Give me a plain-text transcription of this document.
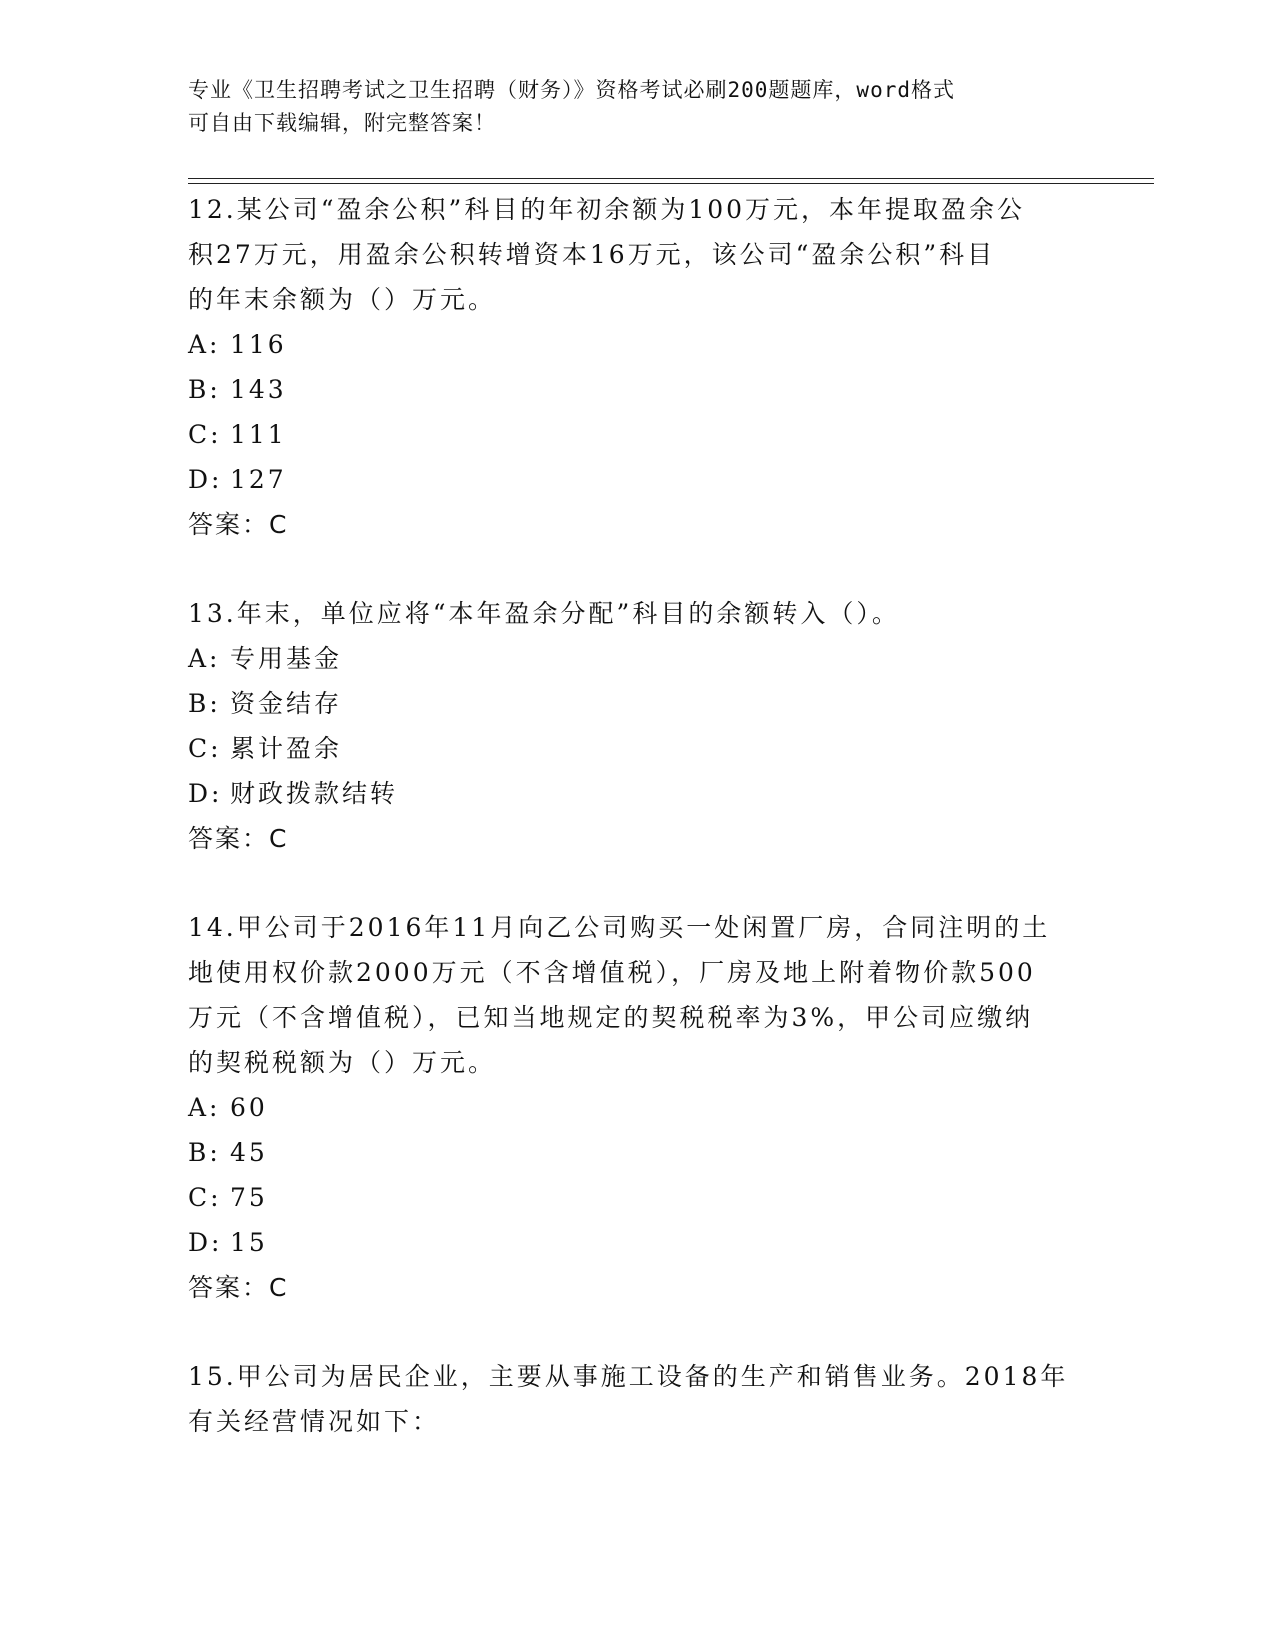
专业《卫生招聘考试之卫生招聘（财务）》资格考试必刷200题题库，word格式
可自由下载编辑，附完整答案！

12.某公司“盈余公积”科目的年初余额为100万元，本年提取盈余公
积27万元，用盈余公积转增资本16万元，该公司“盈余公积”科目
的年末余额为（）万元。

A: 116

B: 143

C: 111

D: 127

答案：C

13.年末，单位应将“本年盈余分配”科目的余额转入（）。

A: 专用基金

B: 资金结存

C: 累计盈余

D: 财政拨款结转

答案：C

14.甲公司于2016年11月向乙公司购买一处闲置厂房，合同注明的土
地使用权价款2000万元（不含增值税），厂房及地上附着物价款500
万元（不含增值税），已知当地规定的契税税率为3%，甲公司应缴纳
的契税税额为（）万元。

A: 60

B: 45

C: 75

D: 15

答案：C

15.甲公司为居民企业，主要从事施工设备的生产和销售业务。2018年
有关经营情况如下：
